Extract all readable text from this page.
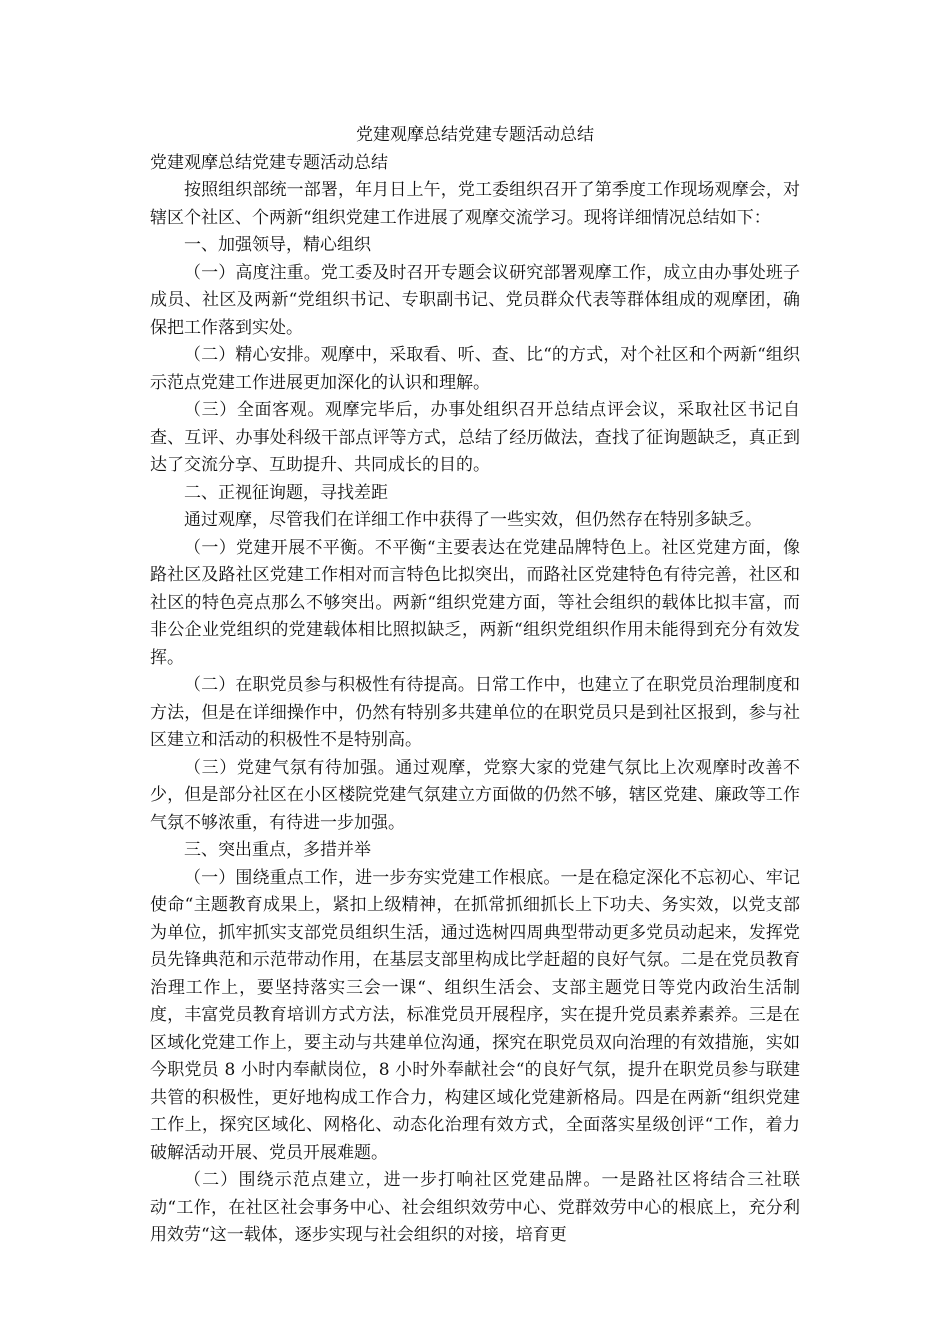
党建观摩总结党建专题活动总结

党建观摩总结党建专题活动总结

按照组织部统一部署，年月日上午，党工委组织召开了第季度工作现场观摩会，对辖区个社区、个两新“组织党建工作进展了观摩交流学习。现将详细情况总结如下：

一、加强领导，精心组织

（一）高度注重。党工委及时召开专题会议研究部署观摩工作，成立由办事处班子成员、社区及两新“党组织书记、专职副书记、党员群众代表等群体组成的观摩团，确保把工作落到实处。

（二）精心安排。观摩中，采取看、听、查、比“的方式，对个社区和个两新“组织示范点党建工作进展更加深化的认识和理解。

（三）全面客观。观摩完毕后，办事处组织召开总结点评会议，采取社区书记自查、互评、办事处科级干部点评等方式，总结了经历做法，查找了征询题缺乏，真正到达了交流分享、互助提升、共同成长的目的。

二、正视征询题，寻找差距

通过观摩，尽管我们在详细工作中获得了一些实效，但仍然存在特别多缺乏。

（一）党建开展不平衡。不平衡“主要表达在党建品牌特色上。社区党建方面，像路社区及路社区党建工作相对而言特色比拟突出，而路社区党建特色有待完善，社区和社区的特色亮点那么不够突出。两新“组织党建方面，等社会组织的载体比拟丰富，而非公企业党组织的党建载体相比照拟缺乏，两新“组织党组织作用未能得到充分有效发挥。

（二）在职党员参与积极性有待提高。日常工作中，也建立了在职党员治理制度和方法，但是在详细操作中，仍然有特别多共建单位的在职党员只是到社区报到，参与社区建立和活动的积极性不是特别高。

（三）党建气氛有待加强。通过观摩，党察大家的党建气氛比上次观摩时改善不少，但是部分社区在小区楼院党建气氛建立方面做的仍然不够，辖区党建、廉政等工作气氛不够浓重，有待进一步加强。

三、突出重点，多措并举

（一）围绕重点工作，进一步夯实党建工作根底。一是在稳定深化不忘初心、牢记使命“主题教育成果上，紧扣上级精神，在抓常抓细抓长上下功夫、务实效，以党支部为单位，抓牢抓实支部党员组织生活，通过选树四周典型带动更多党员动起来，发挥党员先锋典范和示范带动作用，在基层支部里构成比学赶超的良好气氛。二是在党员教育治理工作上，要坚持落实三会一课“、组织生活会、支部主题党日等党内政治生活制度，丰富党员教育培训方式方法，标准党员开展程序，实在提升党员素养素养。三是在区域化党建工作上，要主动与共建单位沟通，探究在职党员双向治理的有效措施，实如今职党员 8 小时内奉献岗位，8 小时外奉献社会“的良好气氛，提升在职党员参与联建共管的积极性，更好地构成工作合力，构建区域化党建新格局。四是在两新“组织党建工作上，探究区域化、网格化、动态化治理有效方式，全面落实星级创评“工作，着力破解活动开展、党员开展难题。

（二）围绕示范点建立，进一步打响社区党建品牌。一是路社区将结合三社联动“工作，在社区社会事务中心、社会组织效劳中心、党群效劳中心的根底上，充分利用效劳“这一载体，逐步实现与社会组织的对接，培育更
